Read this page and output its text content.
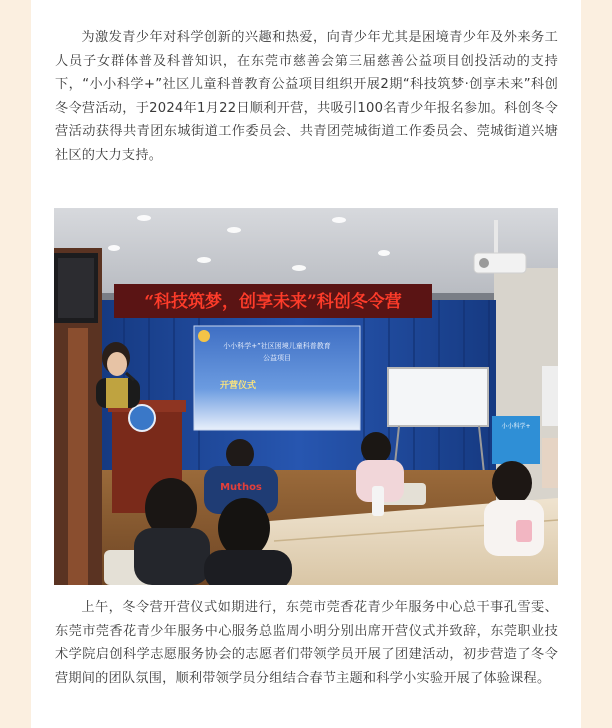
为激发青少年对科学创新的兴趣和热爱，向青少年尤其是困境青少年及外来务工人员子女群体普及科普知识，在东莞市慈善会第三届慈善公益项目创投活动的支持下，“小小科学+”社区儿童科普教育公益项目组织开展2期“科技筑梦·创享未来”科创冬令营活动，于2024年1月22日顺利开营，共吸引100名青少年报名参加。科创冬令营活动获得共青团东城街道工作委员会、共青团莞城街道工作委员会、莞城街道兴塘社区的大力支持。

“科技筑梦，创享未来”科创冬令营
小小科学+”社区困境儿童科普教育
公益项目
开营仪式
小小科学+
Muthos

上午，冬令营开营仪式如期进行，东莞市莞香花青少年服务中心总干事孔雪雯、东莞市莞香花青少年服务中心服务总监周小明分别出席开营仪式并致辞，东莞职业技术学院启创科学志愿服务协会的志愿者们带领学员开展了团建活动，初步营造了冬令营期间的团队氛围，顺利带领学员分组结合春节主题和科学小实验开展了体验课程。
